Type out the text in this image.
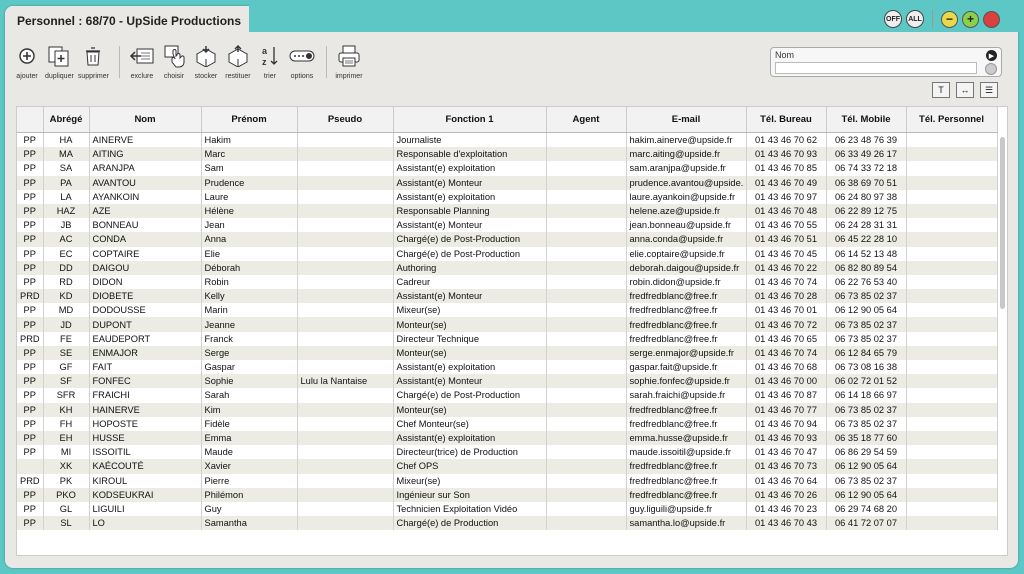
Personnel : 68/70 - UpSide Productions	OFF	ALL	−	+
ajouter dupliquer supprimer	exclure choisir stocker restituer
a
z
trier options	imprimer
Nom	▶
T	↔	☰
	Abrégé	Nom	Prénom	Pseudo	Fonction 1	Agent	E-mail	Tél. Bureau	Tél. Mobile	Tél. Personnel
PP	HA	AINERVE	Hakim		Journaliste		hakim.ainerve@upside.fr	01 43 46 70 62	06 23 48 76 39	
PP	MA	AITING	Marc		Responsable d'exploitation		marc.aiting@upside.fr	01 43 46 70 93	06 33 49 26 17	
PP	SA	ARANJPA	Sam		Assistant(e) exploitation		sam.aranjpa@upside.fr	01 43 46 70 85	06 74 33 72 18	
PP	PA	AVANTOU	Prudence		Assistant(e) Monteur		prudence.avantou@upside.	01 43 46 70 49	06 38 69 70 51	
PP	LA	AYANKOIN	Laure		Assistant(e) exploitation		laure.ayankoin@upside.fr	01 43 46 70 97	06 24 80 97 38	
PP	HAZ	AZE	Hélène		Responsable Planning		helene.aze@upside.fr	01 43 46 70 48	06 22 89 12 75	
PP	JB	BONNEAU	Jean		Assistant(e) Monteur		jean.bonneau@upside.fr	01 43 46 70 55	06 24 28 31 31	
PP	AC	CONDA	Anna		Chargé(e) de Post-Production		anna.conda@upside.fr	01 43 46 70 51	06 45 22 28 10	
PP	EC	COPTAIRE	Elie		Chargé(e) de Post-Production		elie.coptaire@upside.fr	01 43 46 70 45	06 14 52 13 48	
PP	DD	DAIGOU	Déborah		Authoring		deborah.daigou@upside.fr	01 43 46 70 22	06 82 80 89 54	
PP	RD	DIDON	Robin		Cadreur		robin.didon@upside.fr	01 43 46 70 74	06 22 76 53 40	
PRD	KD	DIOBETE	Kelly		Assistant(e) Monteur		fredfredblanc@free.fr	01 43 46 70 28	06 73 85 02 37	
PP	MD	DODOUSSE	Marin		Mixeur(se)		fredfredblanc@free.fr	01 43 46 70 01	06 12 90 05 64	
PP	JD	DUPONT	Jeanne		Monteur(se)		fredfredblanc@free.fr	01 43 46 70 72	06 73 85 02 37	
PRD	FE	EAUDEPORT	Franck		Directeur Technique		fredfredblanc@free.fr	01 43 46 70 65	06 73 85 02 37	
PP	SE	ENMAJOR	Serge		Monteur(se)		serge.enmajor@upside.fr	01 43 46 70 74	06 12 84 65 79	
PP	GF	FAIT	Gaspar		Assistant(e) exploitation		gaspar.fait@upside.fr	01 43 46 70 68	06 73 08 16 38	
PP	SF	FONFEC	Sophie	Lulu la Nantaise	Assistant(e) Monteur		sophie.fonfec@upside.fr	01 43 46 70 00	06 02 72 01 52	
PP	SFR	FRAICHI	Sarah		Chargé(e) de Post-Production		sarah.fraichi@upside.fr	01 43 46 70 87	06 14 18 66 97	
PP	KH	HAINERVE	Kim		Monteur(se)		fredfredblanc@free.fr	01 43 46 70 77	06 73 85 02 37	
PP	FH	HOPOSTE	Fidèle		Chef Monteur(se)		fredfredblanc@free.fr	01 43 46 70 94	06 73 85 02 37	
PP	EH	HUSSE	Emma		Assistant(e) exploitation		emma.husse@upside.fr	01 43 46 70 93	06 35 18 77 60	
PP	MI	ISSOITIL	Maude		Directeur(trice) de Production		maude.issoitil@upside.fr	01 43 46 70 47	06 86 29 54 59	
	XK	KAÉCOUTÉ	Xavier		Chef OPS		fredfredblanc@free.fr	01 43 46 70 73	06 12 90 05 64	
PRD	PK	KIROUL	Pierre		Mixeur(se)		fredfredblanc@free.fr	01 43 46 70 64	06 73 85 02 37	
PP	PKO	KODSEUKRAI	Philémon		Ingénieur sur Son		fredfredblanc@free.fr	01 43 46 70 26	06 12 90 05 64	
PP	GL	LIGUILI	Guy		Technicien Exploitation Vidéo		guy.liguili@upside.fr	01 43 46 70 23	06 29 74 68 20	
PP	SL	LO	Samantha		Chargé(e) de Production		samantha.lo@upside.fr	01 43 46 70 43	06 41 72 07 07	
